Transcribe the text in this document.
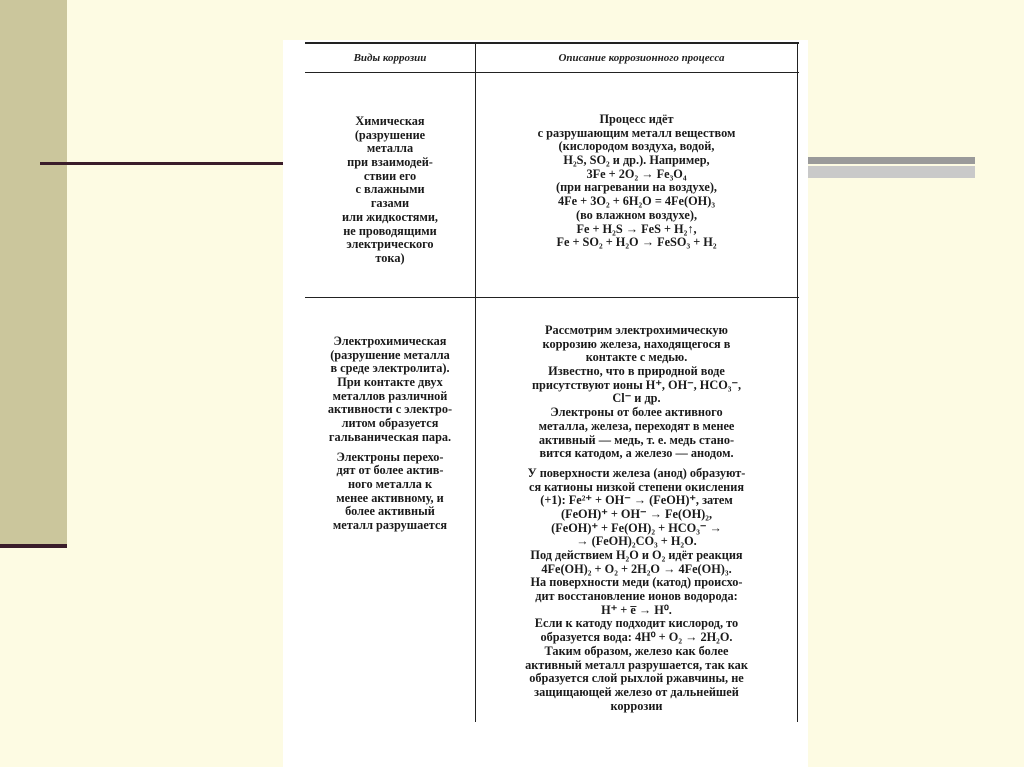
Виды коррозии	Описание коррозионного процесса
Химическая
(разрушение
металла
при взаимодей-
ствии его
с влажными
газами
или жидкостями,
не проводящими
электрического
тока)
Процесс идёт
с разрушающим металл веществом
(кислородом воздуха, водой,
H₂S, SO₂ и др.). Например,
3Fe + 2O₂ → Fe₃O₄
(при нагревании на воздухе),
4Fe + 3O₂ + 6H₂O = 4Fe(OH)₃
(во влажном воздухе),
Fe + H₂S → FeS + H₂↑,
Fe + SO₂ + H₂O → FeSO₃ + H₂
Электрохимическая
(разрушение металла
в среде электролита).
При контакте двух
металлов различной
активности с электро-
литом образуется
гальваническая пара.
Электроны перехо-
дят от более актив-
ного металла к
менее активному, и
более активный
металл разрушается
Рассмотрим электрохимическую
коррозию железа, находящегося в
контакте с медью.
Известно, что в природной воде
присутствуют ионы H⁺, OH⁻, HCO₃⁻,
Cl⁻ и др.
Электроны от более активного
металла, железа, переходят в менее
активный — медь, т. е. медь стано-
вится катодом, а железо — анодом.
У поверхности железа (анод) образуют-
ся катионы низкой степени окисления
(+1): Fe²⁺ + OH⁻ → (FeOH)⁺, затем
(FeOH)⁺ + OH⁻ → Fe(OH)₂,
(FeOH)⁺ + Fe(OH)₂ + HCO₃⁻ →
→ (FeOH)₂CO₃ + H₂O.
Под действием H₂O и O₂ идёт реакция
4Fe(OH)₂ + O₂ + 2H₂O → 4Fe(OH)₃.
На поверхности меди (катод) происхо-
дит восстановление ионов водорода:
H⁺ + e̅ → H⁰.
Если к катоду подходит кислород, то
образуется вода: 4H⁰ + O₂ → 2H₂O.
Таким образом, железо как более
активный металл разрушается, так как
образуется слой рыхлой ржавчины, не
защищающей железо от дальнейшей
коррозии
